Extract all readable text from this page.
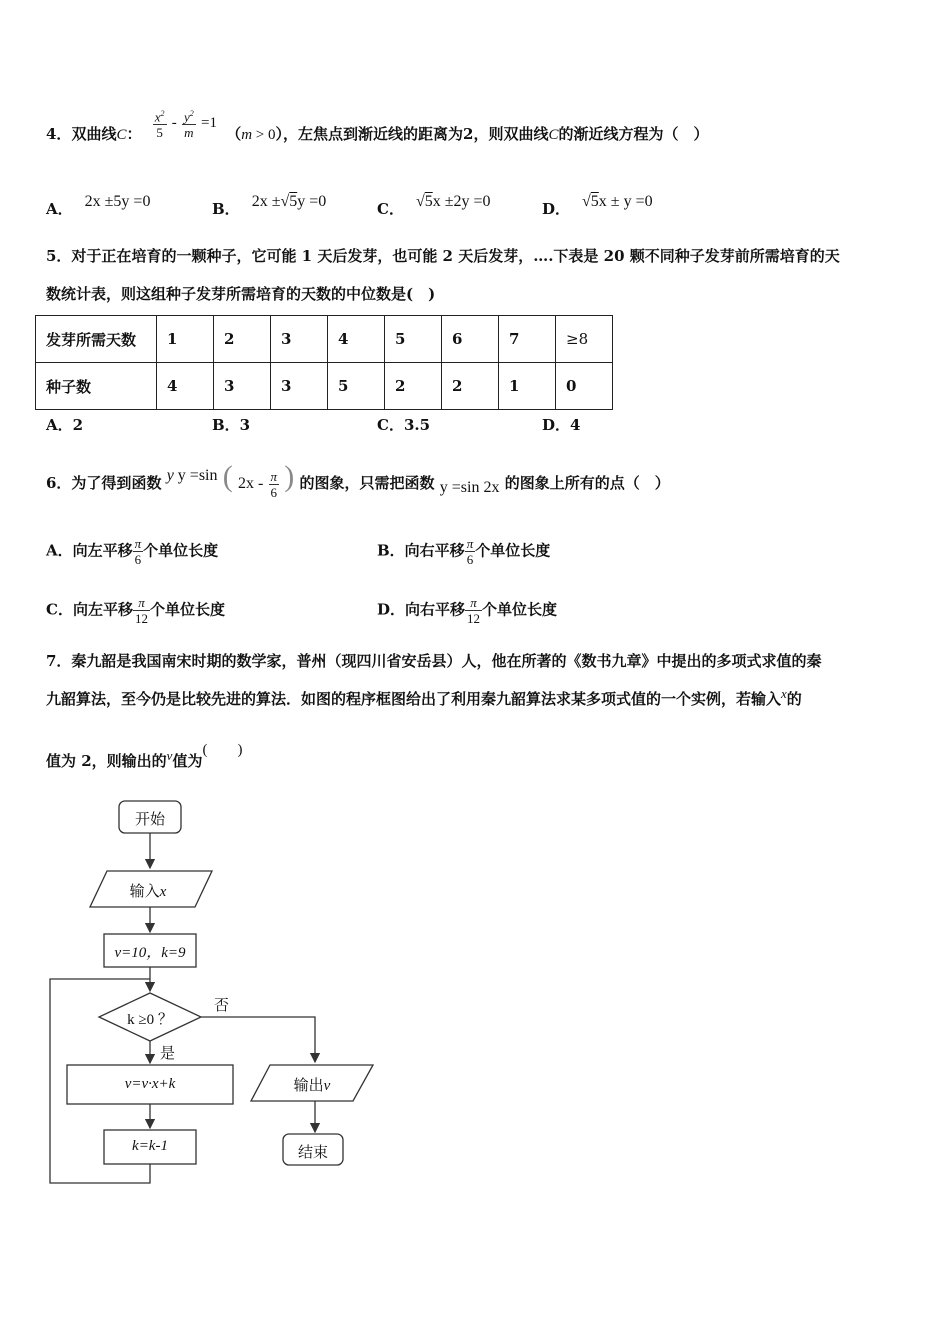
4．双曲线C： $\frac{x^2}{5} - \frac{y^2}{m} =1$ （m > 0），左焦点到渐近线的距离为2，则双曲线C的渐近线方程为（　）
A． 2x ±5y =0	B． 2x ±√5y =0	C． √5x ±2y =0	D． √5x ± y =0
5．对于正在培育的一颗种子，它可能 1 天后发芽，也可能 2 天后发芽，….下表是 20 颗不同种子发芽前所需培育的天
数统计表，则这组种子发芽所需培育的天数的中位数是(　)
发芽所需天数	1	2	3	4	5	6	7	≥8
种子数	4	3	3	5	2	2	1	0
A．2	B．3	C．3.5	D．4
6．为了得到函数 y y =sin ( $2x - \frac{\pi}{6}$ ) 的图象，只需把函数 y =sin 2x 的图象上所有的点（　）
A．向左平移 $\frac{\pi}{6}$ 个单位长度	B．向右平移 $\frac{\pi}{6}$ 个单位长度
C．向左平移 $\frac{\pi}{12}$ 个单位长度	D．向右平移 $\frac{\pi}{12}$ 个单位长度
7．秦九韶是我国南宋时期的数学家，普州（现四川省安岳县）人，他在所著的《数书九章》中提出的多项式求值的秦
九韶算法，至今仍是比较先进的算法．如图的程序框图给出了利用秦九韶算法求某多项式值的一个实例，若输入x的
值为 2，则输出的v值为(　　)
开始
输入x
v=10，k=9
k ≥0 ？
否
是
v=v·x+k
k=k-1
输出v
结束
